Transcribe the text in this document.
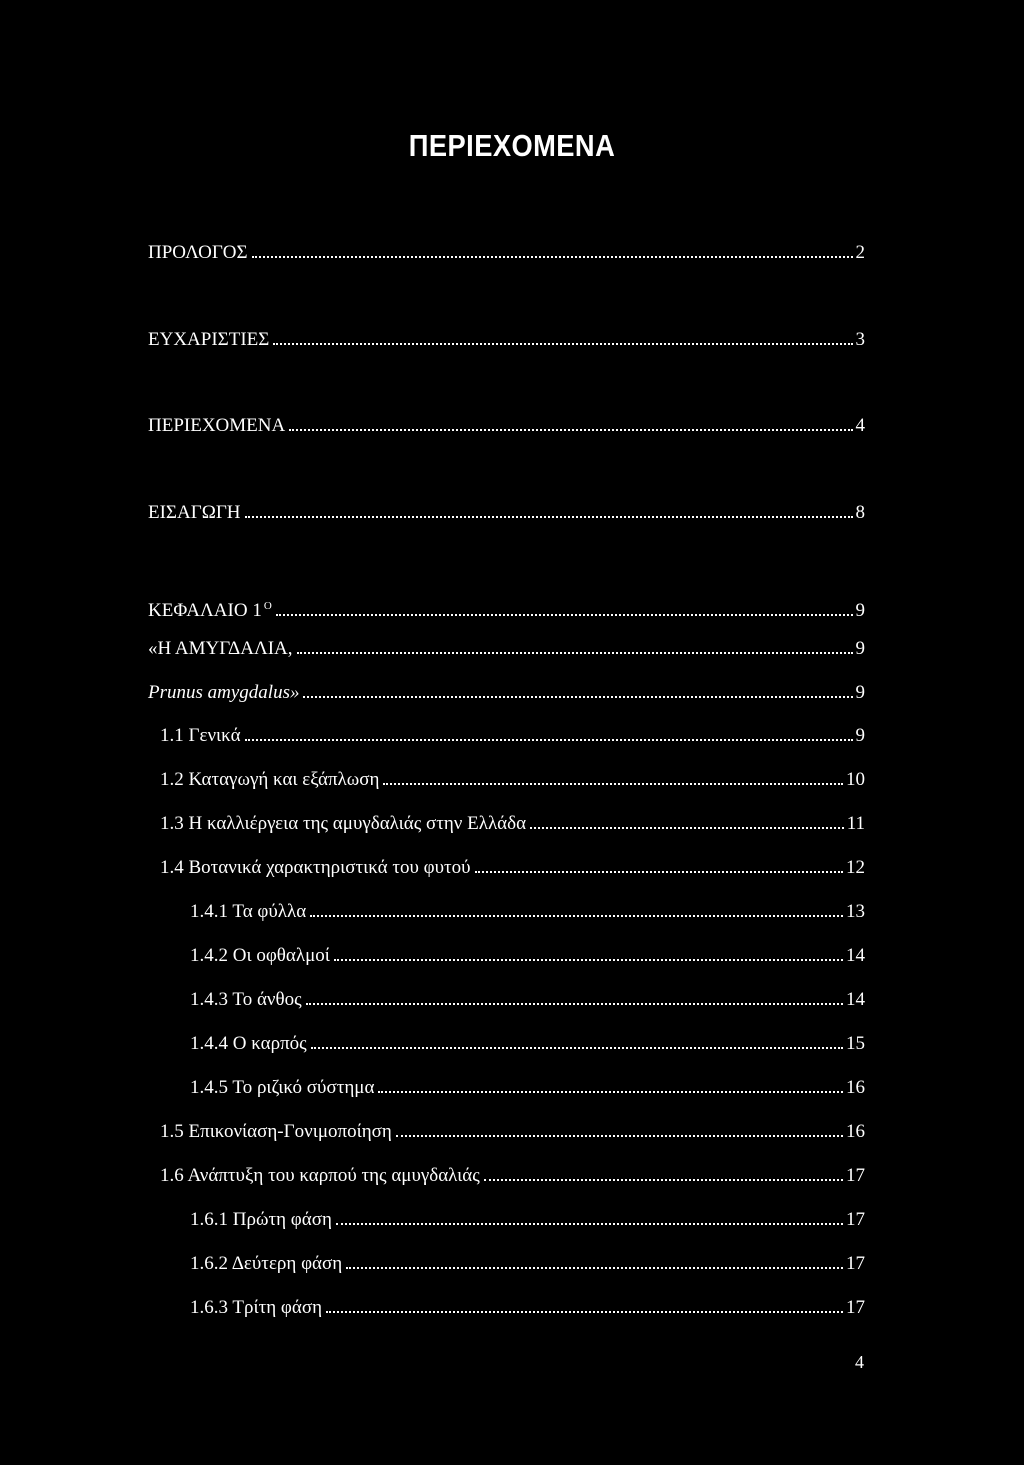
ΠΕΡΙΕΧΟΜΕΝΑ
ΠΡΟΛΟΓΟΣ	2
ΕΥΧΑΡΙΣΤΙΕΣ	3
ΠΕΡΙΕΧΟΜΕΝΑ	4
ΕΙΣΑΓΩΓΗ	8
ΚΕΦΑΛΑΙΟ 1 $^O$	9
«Η ΑΜΥΓΔΑΛΙΑ,	9
Prunus amygdalus»	9
1.1 Γενικά	9
1.2 Καταγωγή και εξάπλωση	10
1.3 Η καλλιέργεια της αμυγδαλιάς στην Ελλάδα	11
1.4 Βοτανικά χαρακτηριστικά του φυτού	12
1.4.1 Τα φύλλα	13
1.4.2 Οι οφθαλμοί	14
1.4.3 Το άνθος	14
1.4.4 Ο καρπός	15
1.4.5 Το ριζικό σύστημα	16
1.5 Επικονίαση-Γονιμοποίηση	16
1.6 Ανάπτυξη του καρπού της αμυγδαλιάς	17
1.6.1 Πρώτη φάση	17
1.6.2 Δεύτερη φάση	17
1.6.3 Τρίτη φάση	17
4
